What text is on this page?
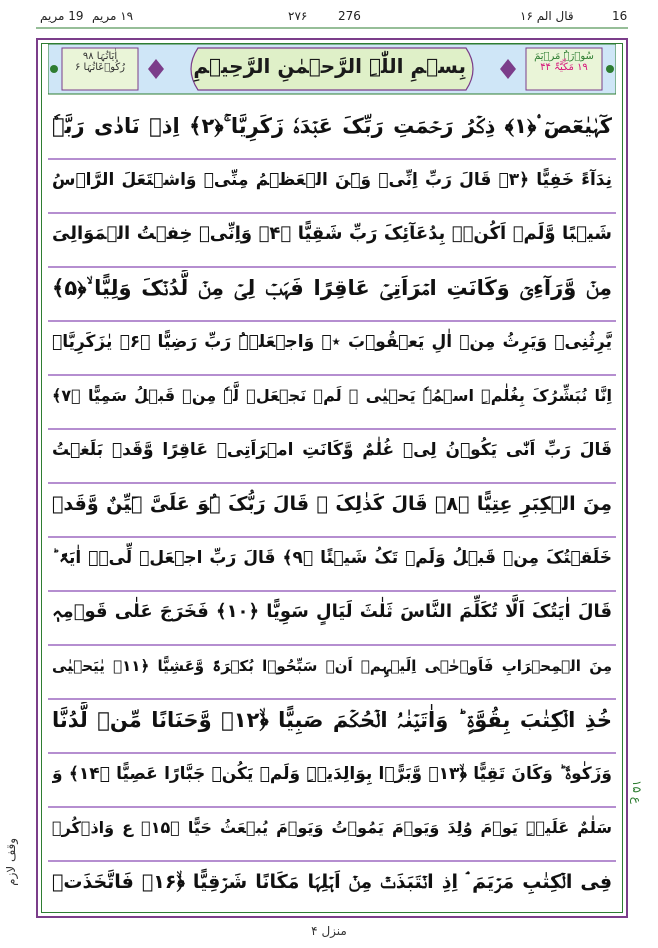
19 مریم ۱۹ مریم	۲۷۶	276	قال الم ۱۶	16
بِسۡمِ اللّٰہِ الرَّحۡمٰنِ الرَّحِیۡمِ	سُوۡرَۃُ مَرۡیَمَ
۱۹ مَکِّیَّۃٌ ۴۴
اٰیَاتُہَا ۹۸
رُکُوۡعَاتُہَا ۶
کٓہٰیٰعٓصٓ ۟﴿۱﴾ ذِکۡرُ رَحۡمَتِ رَبِّکَ عَبۡدَہٗ زَکَرِیَّا ۚ﴿۲﴾ اِذۡ نَادٰی رَبَّہٗ
نِدَآءً خَفِیًّا ﴿۳﴾ قَالَ رَبِّ اِنِّیۡ وَہَنَ الۡعَظۡمُ مِنِّیۡ وَاشۡتَعَلَ الرَّاۡسُ
شَیۡبًا وَّلَمۡ اَکُنۡۢ بِدُعَآئِکَ رَبِّ شَقِیًّا ﴿۴﴾ وَاِنِّیۡ خِفۡتُ الۡمَوَالِیَ
مِنۡ وَّرَآءِیۡ وَکَانَتِ امۡرَاَتِیۡ عَاقِرًا فَہَبۡ لِیۡ مِنۡ لَّدُنۡکَ وَلِیًّا ۙ﴿۵﴾
یَّرِثُنِیۡ وَیَرِثُ مِنۡ اٰلِ یَعۡقُوۡبَ ٭ۖ وَاجۡعَلۡہُ رَبِّ رَضِیًّا ﴿۶﴾ یٰزَکَرِیَّاۤ
اِنَّا نُبَشِّرُکَ بِغُلٰمِۣ اسۡمُہٗ یَحۡیٰی ۙ لَمۡ نَجۡعَلۡ لَّہٗ مِنۡ قَبۡلُ سَمِیًّا ﴿۷﴾
قَالَ رَبِّ اَنّٰی یَکُوۡنُ لِیۡ غُلٰمٌ وَّکَانَتِ امۡرَاَتِیۡ عَاقِرًا وَّقَدۡ بَلَغۡتُ
مِنَ الۡکِبَرِ عِتِیًّا ﴿۸﴾ قَالَ کَذٰلِکَ ۚ قَالَ رَبُّکَ ہُوَ عَلَیَّ ہَیِّنٌ وَّقَدۡ
خَلَقۡتُکَ مِنۡ قَبۡلُ وَلَمۡ تَکُ شَیۡئًا ﴿۹﴾ قَالَ رَبِّ اجۡعَلۡ لِّیۡۤ اٰیَۃً ؕ
قَالَ اٰیَتُکَ اَلَّا تُکَلِّمَ النَّاسَ ثَلٰثَ لَیَالٍ سَوِیًّا ﴿۱۰﴾ فَخَرَجَ عَلٰی قَوۡمِہٖ
مِنَ الۡمِحۡرَابِ فَاَوۡحٰۤی اِلَیۡہِمۡ اَنۡ سَبِّحُوۡا بُکۡرَۃً وَّعَشِیًّا ﴿۱۱﴾ یٰیَحۡیٰی
خُذِ الۡکِتٰبَ بِقُوَّۃٍ ؕ وَاٰتَیۡنٰہُ الۡحُکۡمَ صَبِیًّا ﴿ۙ۱۲﴾ وَّحَنَانًا مِّنۡ لَّدُنَّا
وَزَکٰوۃً ؕ وَکَانَ تَقِیًّا ﴿ۙ۱۳﴾ وَّبَرًّۢا بِوَالِدَیۡہِ وَلَمۡ یَکُنۡ جَبَّارًا عَصِیًّا ﴿۱۴﴾ وَ
سَلٰمٌ عَلَیۡہِ یَوۡمَ وُلِدَ وَیَوۡمَ یَمُوۡتُ وَیَوۡمَ یُبۡعَثُ حَیًّا ﴿۱۵﴾ ع وَاذۡکُرۡ
فِی الۡکِتٰبِ مَرۡیَمَ ۘ اِذِ انۡتَبَذَتۡ مِنۡ اَہۡلِہَا مَکَانًا شَرۡقِیًّا ﴿ۙ۱۶﴾ فَاتَّخَذَتۡ
وقف لازم
ع ۱۵
منزل ۴
